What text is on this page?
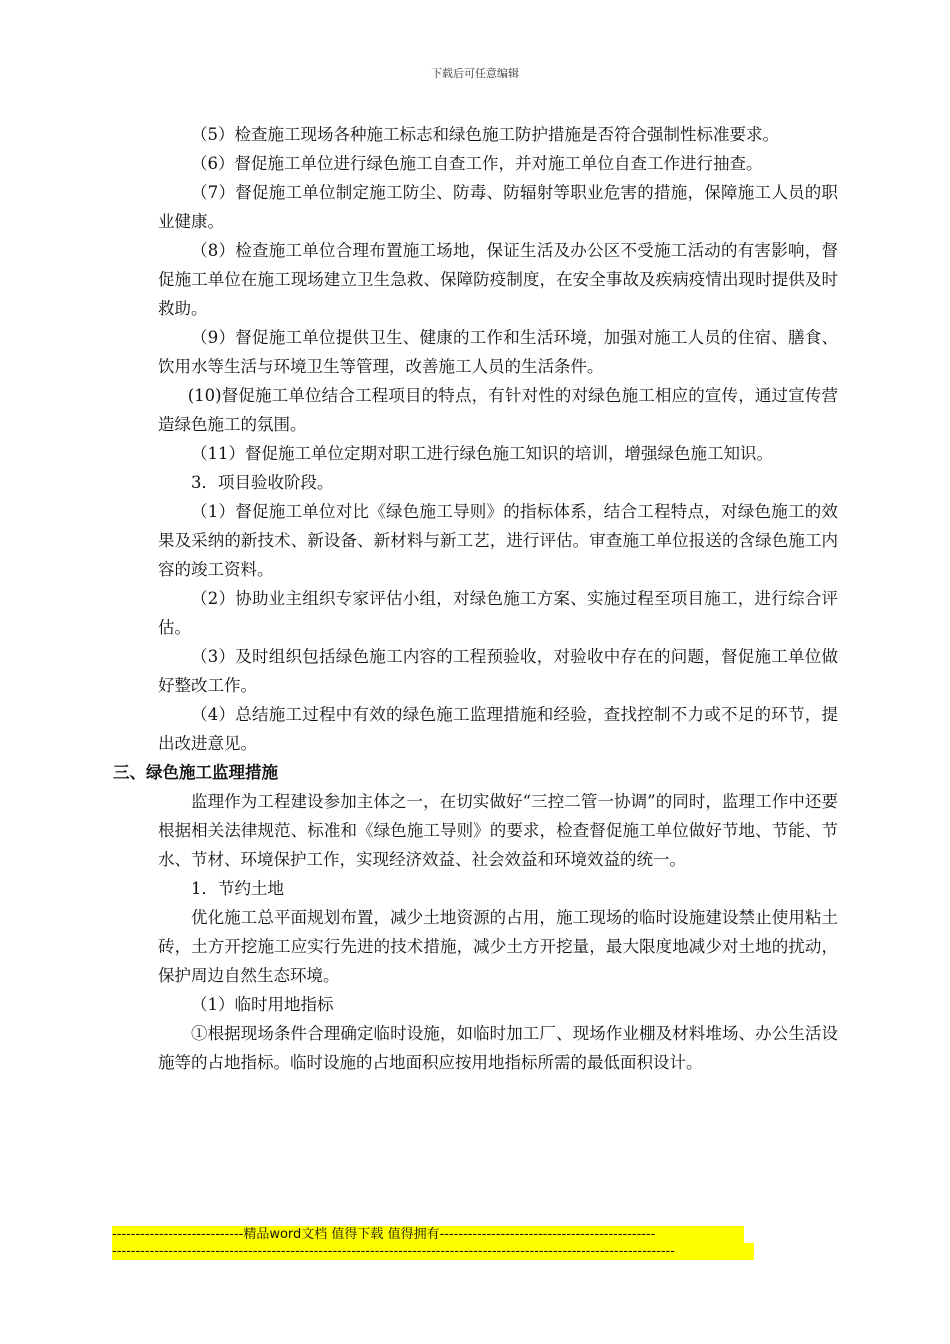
下载后可任意编辑

（5）检查施工现场各种施工标志和绿色施工防护措施是否符合强制性标准要求。

（6）督促施工单位进行绿色施工自查工作，并对施工单位自查工作进行抽查。

（7）督促施工单位制定施工防尘、防毒、防辐射等职业危害的措施，保障施工人员的职业健康。

（8）检查施工单位合理布置施工场地，保证生活及办公区不受施工活动的有害影响，督促施工单位在施工现场建立卫生急救、保障防疫制度，在安全事故及疾病疫情出现时提供及时救助。

（9）督促施工单位提供卫生、健康的工作和生活环境，加强对施工人员的住宿、膳食、饮用水等生活与环境卫生等管理，改善施工人员的生活条件。

(10)督促施工单位结合工程项目的特点，有针对性的对绿色施工相应的宣传，通过宣传营造绿色施工的氛围。

（11）督促施工单位定期对职工进行绿色施工知识的培训，增强绿色施工知识。

3．项目验收阶段。

（1）督促施工单位对比《绿色施工导则》的指标体系，结合工程特点，对绿色施工的效果及采纳的新技术、新设备、新材料与新工艺，进行评估。审查施工单位报送的含绿色施工内容的竣工资料。

（2）协助业主组织专家评估小组，对绿色施工方案、实施过程至项目施工，进行综合评估。

（3）及时组织包括绿色施工内容的工程预验收，对验收中存在的问题，督促施工单位做好整改工作。

（4）总结施工过程中有效的绿色施工监理措施和经验，查找控制不力或不足的环节，提出改进意见。

三、绿色施工监理措施

监理作为工程建设参加主体之一，在切实做好“三控二管一协调”的同时，监理工作中还要根据相关法律规范、标准和《绿色施工导则》的要求，检查督促施工单位做好节地、节能、节水、节材、环境保护工作，实现经济效益、社会效益和环境效益的统一。

1．节约土地

优化施工总平面规划布置，减少土地资源的占用，施工现场的临时设施建设禁止使用粘土砖，土方开挖施工应实行先进的技术措施，减少土方开挖量，最大限度地减少对土地的扰动，保护周边自然生态环境。

（1）临时用地指标

①根据现场条件合理确定临时设施，如临时加工厂、现场作业棚及材料堆场、办公生活设施等的占地指标。临时设施的占地面积应按用地指标所需的最低面积设计。

----------------------------精品word文档 值得下载 值得拥有----------------------------------------------
------------------------------------------------------------------------------------------------------------------------
